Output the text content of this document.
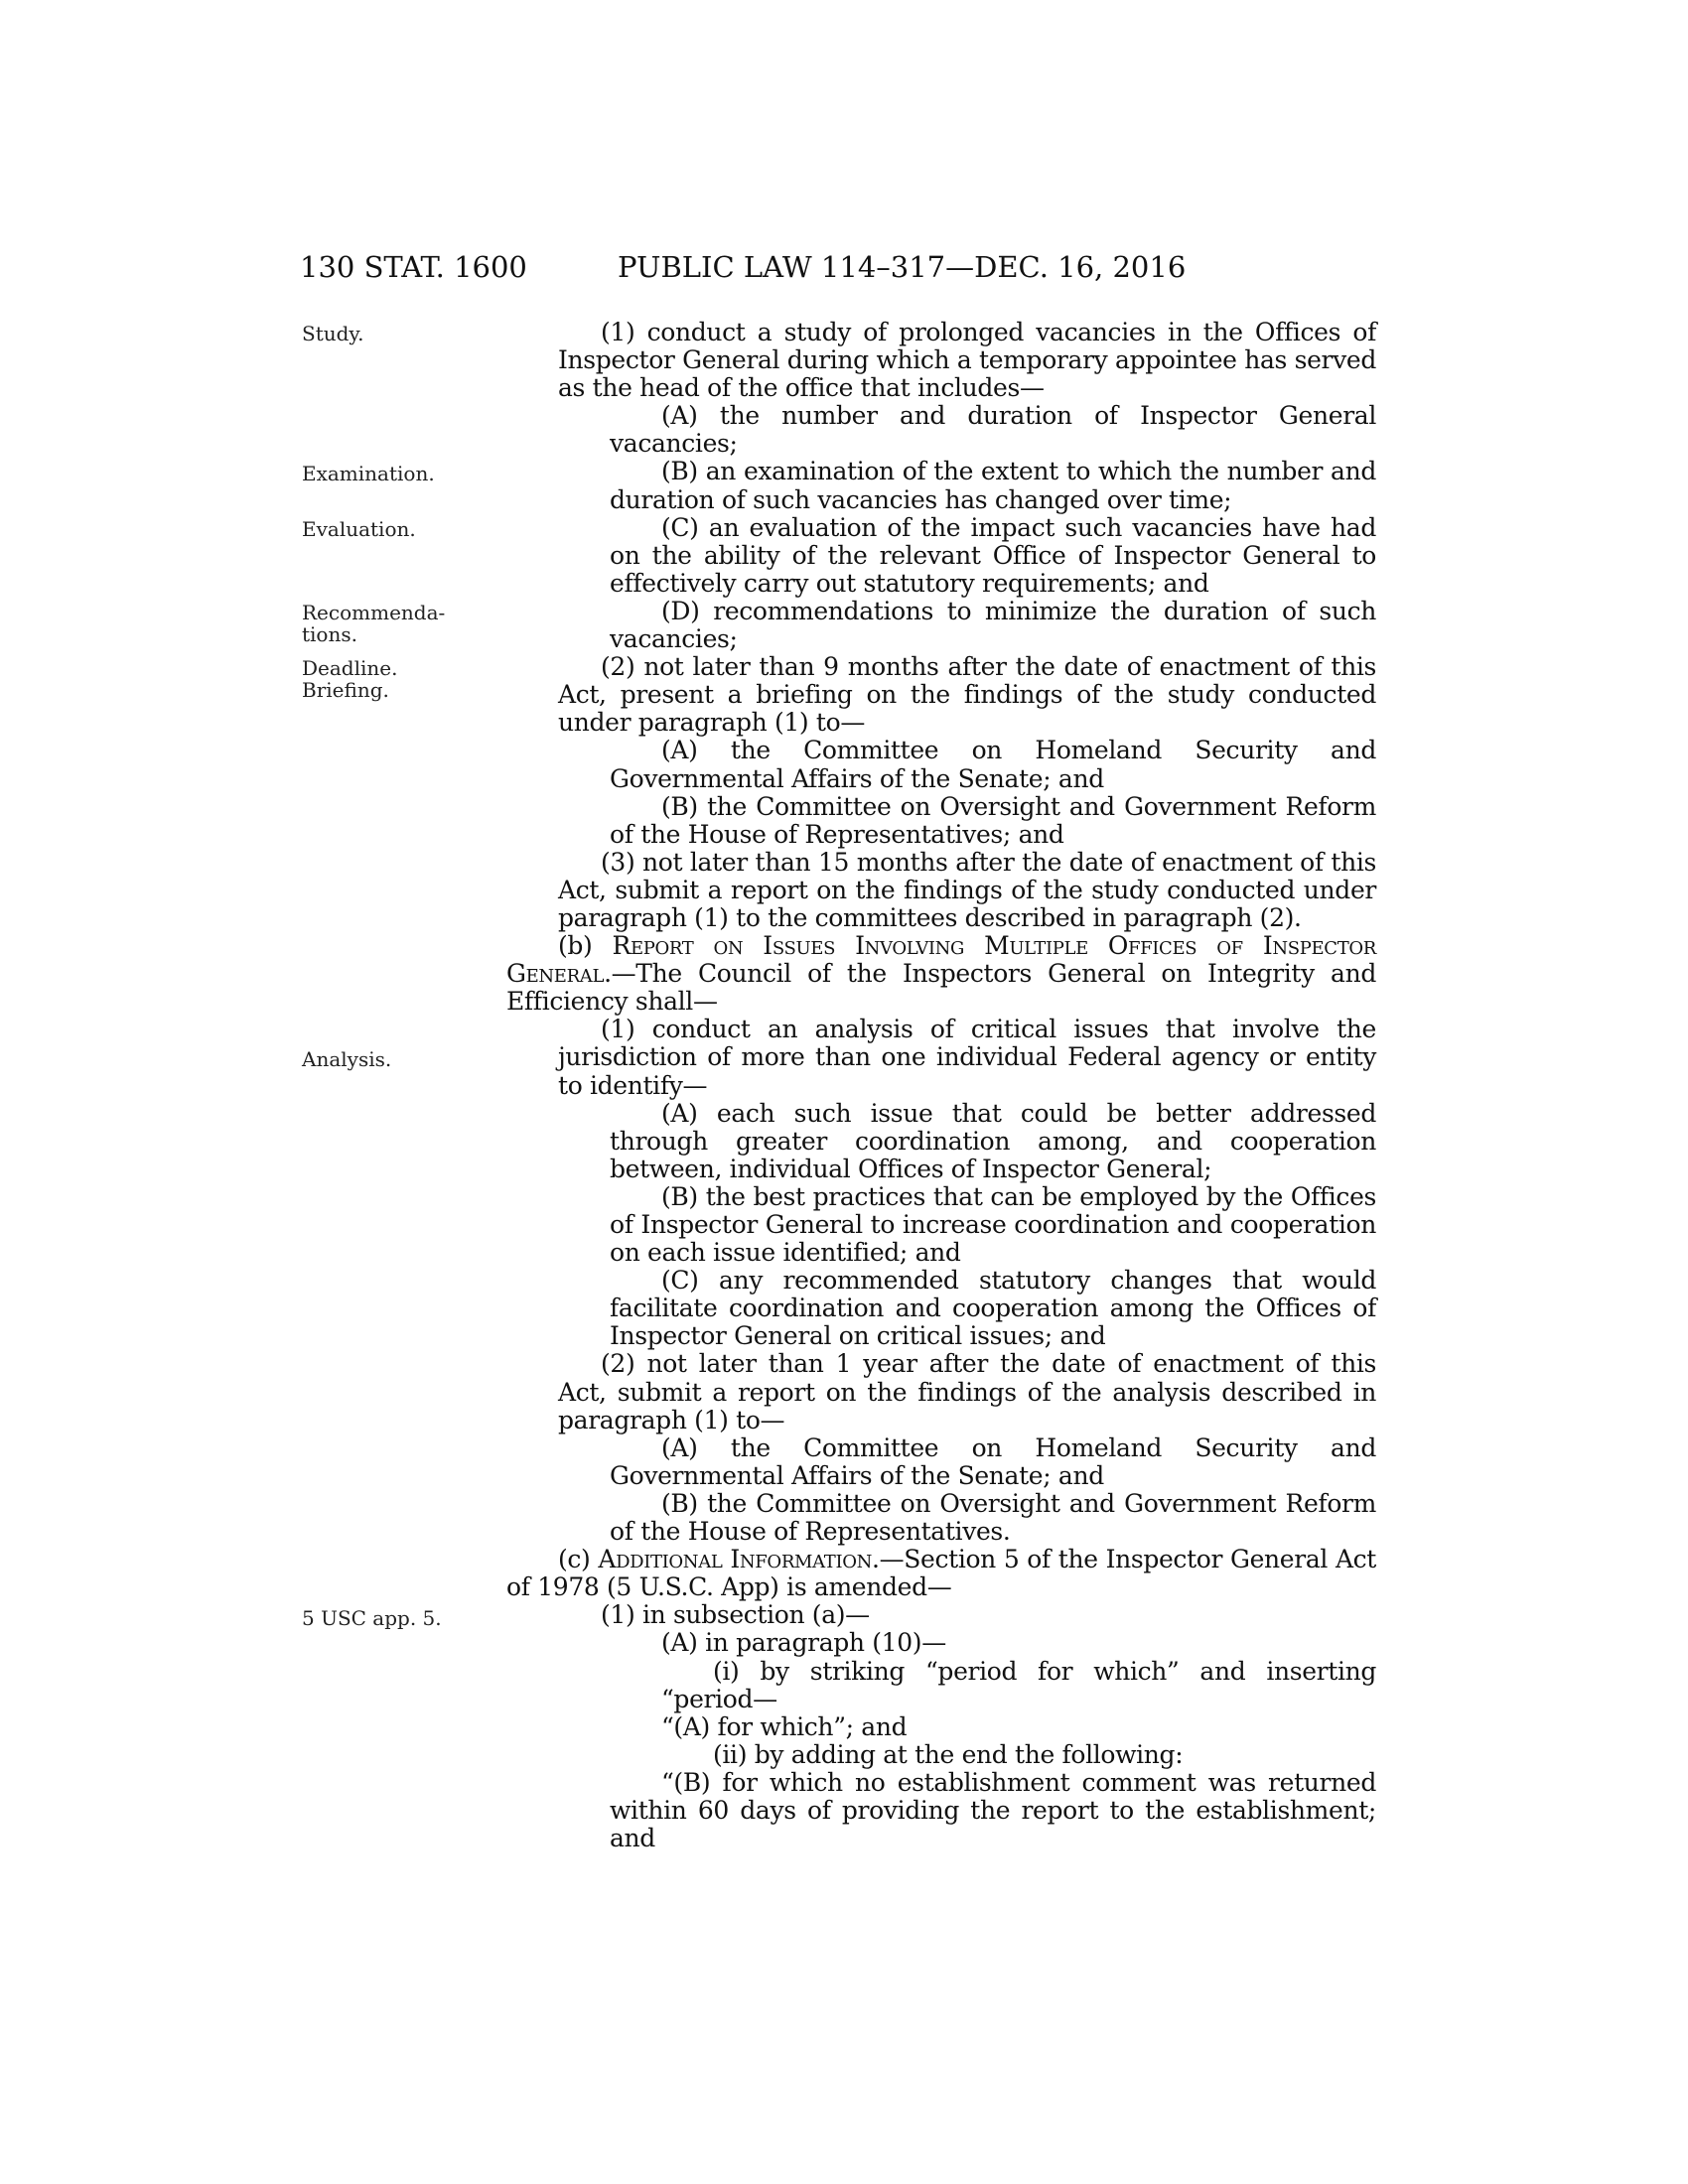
130 STAT. 1600	PUBLIC LAW 114–317—DEC. 16, 2016
Study.
Examination.
Evaluation.
Recommenda-
tions.
Deadline.
Briefing.
Analysis.
5 USC app. 5.

(1) conduct a study of prolonged vacancies in the Offices of Inspector General during which a temporary appointee has served as the head of the office that includes—

(A) the number and duration of Inspector General vacancies;

(B) an examination of the extent to which the number and duration of such vacancies has changed over time;

(C) an evaluation of the impact such vacancies have had on the ability of the relevant Office of Inspector General to effectively carry out statutory requirements; and

(D) recommendations to minimize the duration of such vacancies;

(2) not later than 9 months after the date of enactment of this Act, present a briefing on the findings of the study conducted under paragraph (1) to—

(A) the Committee on Homeland Security and Governmental Affairs of the Senate; and

(B) the Committee on Oversight and Government Reform of the House of Representatives; and

(3) not later than 15 months after the date of enactment of this Act, submit a report on the findings of the study conducted under paragraph (1) to the committees described in paragraph (2).

(b) Report on Issues Involving Multiple Offices of Inspector General.—The Council of the Inspectors General on Integrity and Efficiency shall—

(1) conduct an analysis of critical issues that involve the jurisdiction of more than one individual Federal agency or entity to identify—

(A) each such issue that could be better addressed through greater coordination among, and cooperation between, individual Offices of Inspector General;

(B) the best practices that can be employed by the Offices of Inspector General to increase coordination and cooperation on each issue identified; and

(C) any recommended statutory changes that would facilitate coordination and cooperation among the Offices of Inspector General on critical issues; and

(2) not later than 1 year after the date of enactment of this Act, submit a report on the findings of the analysis described in paragraph (1) to—

(A) the Committee on Homeland Security and Governmental Affairs of the Senate; and

(B) the Committee on Oversight and Government Reform of the House of Representatives.

(c) Additional Information.—Section 5 of the Inspector General Act of 1978 (5 U.S.C. App) is amended—

(1) in subsection (a)—

(A) in paragraph (10)—

(i) by striking “period for which” and inserting “period—

“(A) for which”; and

(ii) by adding at the end the following:

“(B) for which no establishment comment was returned within 60 days of providing the report to the establishment; and
